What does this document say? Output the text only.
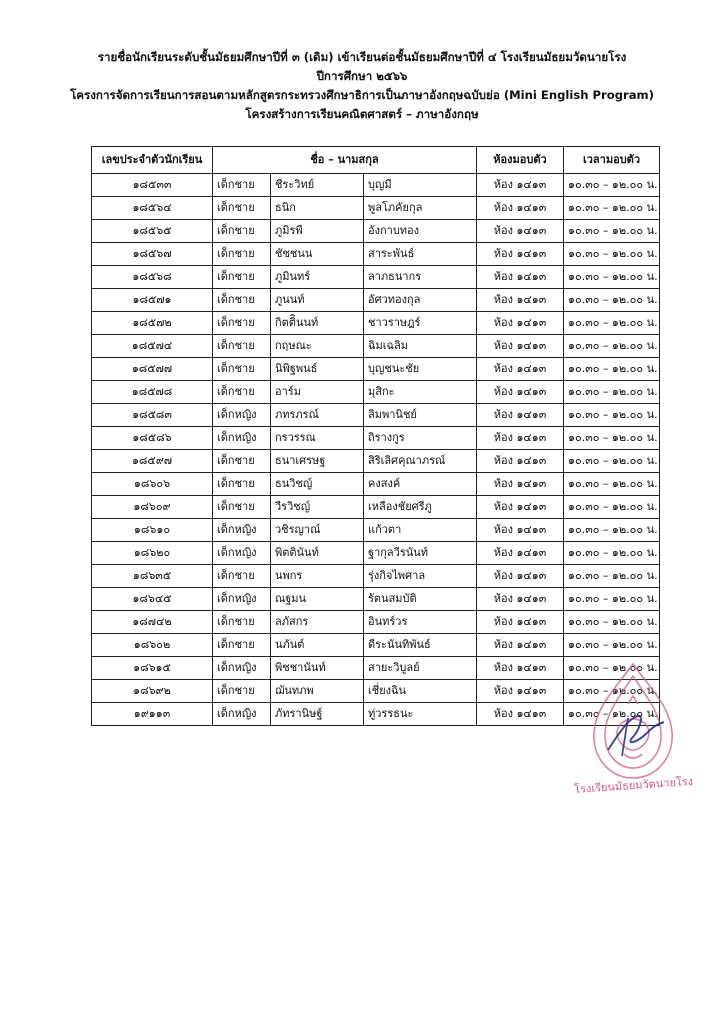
รายชื่อนักเรียนระดับชั้นมัธยมศึกษาปีที่ ๓ (เดิม) เข้าเรียนต่อชั้นมัธยมศึกษาปีที่ ๔ โรงเรียนมัธยมวัดนายโรง
ปีการศึกษา ๒๕๖๖
โครงการจัดการเรียนการสอนตามหลักสูตรกระทรวงศึกษาธิการเป็นภาษาอังกฤษฉบับย่อ (Mini English Program)
โครงสร้างการเรียนคณิตศาสตร์ – ภาษาอังกฤษ
เลขประจำตัวนักเรียน	ชื่อ – นามสกุล			ห้องมอบตัว	เวลามอบตัว
๑๘๕๓๓	เด็กชาย	ชีระวิทย์	บุญมี	ห้อง ๑๔๑๓	๑๐.๓๐ – ๑๒.๐๐ น.
๑๘๕๖๔	เด็กชาย	ธนิก	พูลโภคัยกุล	ห้อง ๑๔๑๓	๑๐.๓๐ – ๑๒.๐๐ น.
๑๘๕๖๕	เด็กชาย	ภูมิรพี	อังกาบทอง	ห้อง ๑๔๑๓	๑๐.๓๐ – ๑๒.๐๐ น.
๑๘๕๖๗	เด็กชาย	ชัชชนน	สาระพันธ์	ห้อง ๑๔๑๓	๑๐.๓๐ – ๑๒.๐๐ น.
๑๘๕๖๘	เด็กชาย	ภูมินทร์	ลาภธนากร	ห้อง ๑๔๑๓	๑๐.๓๐ – ๑๒.๐๐ น.
๑๘๕๗๑	เด็กชาย	ภูนนท์	อัศวทองกุล	ห้อง ๑๔๑๓	๑๐.๓๐ – ๑๒.๐๐ น.
๑๘๕๗๒	เด็กชาย	กิตติินนท์	ชาวราษฎร์	ห้อง ๑๔๑๓	๑๐.๓๐ – ๑๒.๐๐ น.
๑๘๕๗๔	เด็กชาย	กฤษณะ	ฉิมเฉลิม	ห้อง ๑๔๑๓	๑๐.๓๐ – ๑๒.๐๐ น.
๑๘๕๗๗	เด็กชาย	นิพิฐพนธ์	บุญชนะชัย	ห้อง ๑๔๑๓	๑๐.๓๐ – ๑๒.๐๐ น.
๑๘๕๗๘	เด็กชาย	อาร์ม	มุสิกะ	ห้อง ๑๔๑๓	๑๐.๓๐ – ๑๒.๐๐ น.
๑๘๕๘๓	เด็กหญิง	ภทรภรณ์	ลิมพานิชย์	ห้อง ๑๔๑๓	๑๐.๓๐ – ๑๒.๐๐ น.
๑๘๕๘๖	เด็กหญิง	กรวรรณ	ถิรางกูร	ห้อง ๑๔๑๓	๑๐.๓๐ – ๑๒.๐๐ น.
๑๘๕๙๗	เด็กชาย	ธนาเศรษฐ	สิริเลิศคุณาภรณ์	ห้อง ๑๔๑๓	๑๐.๓๐ – ๑๒.๐๐ น.
๑๘๖๐๖	เด็กชาย	ธนวิชญ์	คงสงค์	ห้อง ๑๔๑๓	๑๐.๓๐ – ๑๒.๐๐ น.
๑๘๖๐๙	เด็กชาย	วีรวิชญ์	เหลืองชัยศรีภู	ห้อง ๑๔๑๓	๑๐.๓๐ – ๑๒.๐๐ น.
๑๘๖๑๐	เด็กหญิง	วชิรญาณ์	แก้วตา	ห้อง ๑๔๑๓	๑๐.๓๐ – ๑๒.๐๐ น.
๑๘๖๒๐	เด็กหญิง	พิตตินันท์	ฐากุลวีรนันท์	ห้อง ๑๔๑๓	๑๐.๓๐ – ๑๒.๐๐ น.
๑๘๖๓๕	เด็กชาย	นพกร	รุ่งกิจไพศาล	ห้อง ๑๔๑๓	๑๐.๓๐ – ๑๒.๐๐ น.
๑๘๖๔๕	เด็กหญิง	ณฐมน	รัตนสมบัติ	ห้อง ๑๔๑๓	๑๐.๓๐ – ๑๒.๐๐ น.
๑๘๗๔๒	เด็กชาย	ลภัสกร	อินทร์วร	ห้อง ๑๔๑๓	๑๐.๓๐ – ๑๒.๐๐ น.
๑๘๖๐๒	เด็กชาย	นภันต์	ดีระนันทิพันธ์	ห้อง ๑๔๑๓	๑๐.๓๐ – ๑๒.๐๐ น.
๑๘๖๑๕	เด็กหญิง	พิชชานันท์	สายะวิบูลย์	ห้อง ๑๔๑๓	๑๐.๓๐ – ๑๒.๐๐ น.
๑๘๖๙๒	เด็กชาย	ฌันทภพ	เชี่ยงฉิน	ห้อง ๑๔๑๓	๑๐.๓๐ – ๑๒.๐๐ น.
๑๙๑๑๓	เด็กหญิง	ภัทรานิษฐ์	ทู่วรรธนะ	ห้อง ๑๔๑๓	๑๐.๓๐ – ๑๒.๐๐ น.
โรงเรียนมัธยมวัดนายโรง
